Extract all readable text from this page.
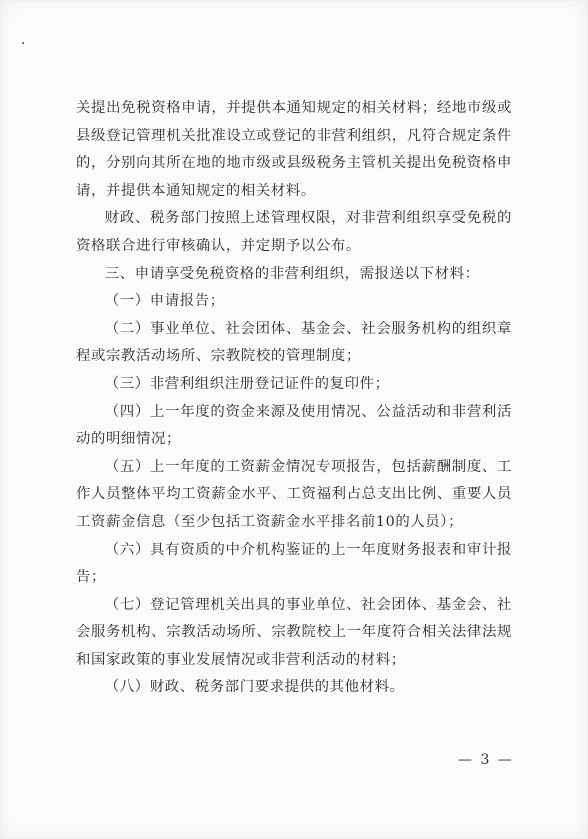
关提出免税资格申请，并提供本通知规定的相关材料；经地市级或县级登记管理机关批准设立或登记的非营利组织，凡符合规定条件的，分别向其所在地的地市级或县级税务主管机关提出免税资格申请，并提供本通知规定的相关材料。

财政、税务部门按照上述管理权限，对非营利组织享受免税的资格联合进行审核确认，并定期予以公布。

三、申请享受免税资格的非营利组织，需报送以下材料：

（一）申请报告；

（二）事业单位、社会团体、基金会、社会服务机构的组织章程或宗教活动场所、宗教院校的管理制度；

（三）非营利组织注册登记证件的复印件；

（四）上一年度的资金来源及使用情况、公益活动和非营利活动的明细情况；

（五）上一年度的工资薪金情况专项报告，包括薪酬制度、工作人员整体平均工资薪金水平、工资福利占总支出比例、重要人员工资薪金信息（至少包括工资薪金水平排名前10的人员）；

（六）具有资质的中介机构鉴证的上一年度财务报表和审计报告；

（七）登记管理机关出具的事业单位、社会团体、基金会、社会服务机构、宗教活动场所、宗教院校上一年度符合相关法律法规和国家政策的事业发展情况或非营利活动的材料；

（八）财政、税务部门要求提供的其他材料。

— 3 —
